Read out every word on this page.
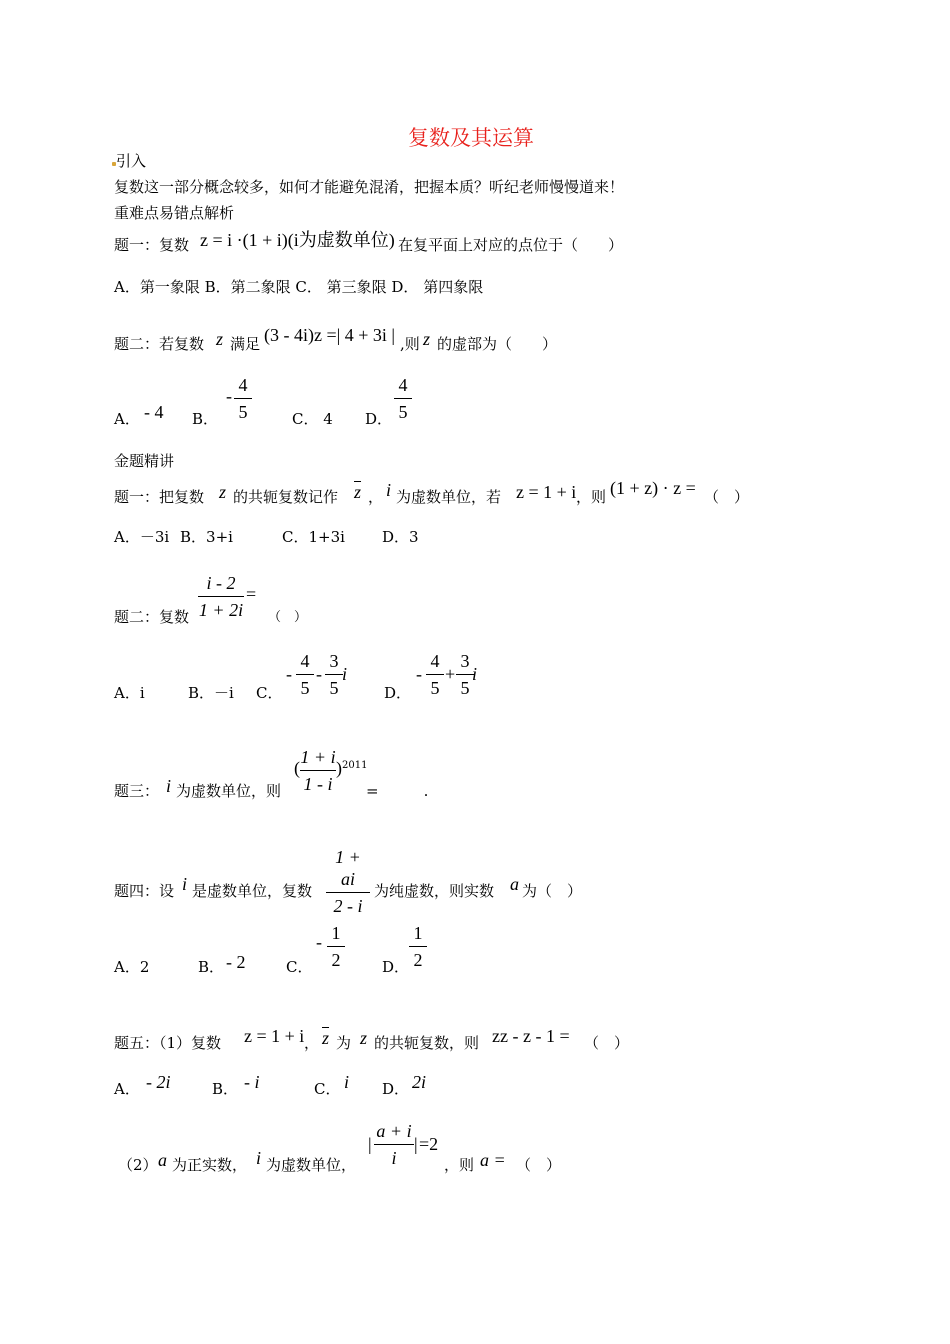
复数及其运算
引入
复数这一部分概念较多，如何才能避免混淆，把握本质？听纪老师慢慢道来！
重难点易错点解析
题一：复数 z = i ·(1 + i)(i为虚数单位) 在复平面上对应的点位于（　　）
A．第一象限 B．第二象限 C． 第三象限 D． 第四象限
题二：若复数 z 满足 (3 - 4i)z =| 4 + 3i | ,则 z 的虚部为（　　）
A． - 4 B．
-
4
5	C． 4 D．
4
5
金题精讲
题一：把复数 z 的共轭复数记作 $\overline{z}$ ， i 为虚数单位，若 z = 1 + i ，则 (1 + z) · z = （　）
A．－3i B．3+i	C．1+3i D．3
题二：复数
i - 2
1 + 2i
=
（　）
A．i	B．－i C．
-
4
5
-
3
5
i
D．
-
4
5
+
3
5
i
题三： i 为虚数单位，则
(
1 + i
1 - i
) 2011
=　　　.
题四：设 i 是虚数单位，复数
1 + ai
2 - i
为纯虚数，则实数 a 为（　）
A．2	B． - 2	C．
- 1
2	D．
1
2
题五：（1）复数 z = 1 + i ， $\overline{z}$ 为 z 的共轭复数，则 zz - z - 1 = （　）
A． - 2i	B． - i	C． i D． 2i
（2） a 为正实数， i 为虚数单位，
|
a + i
i
| =2
，则 a = （　）
